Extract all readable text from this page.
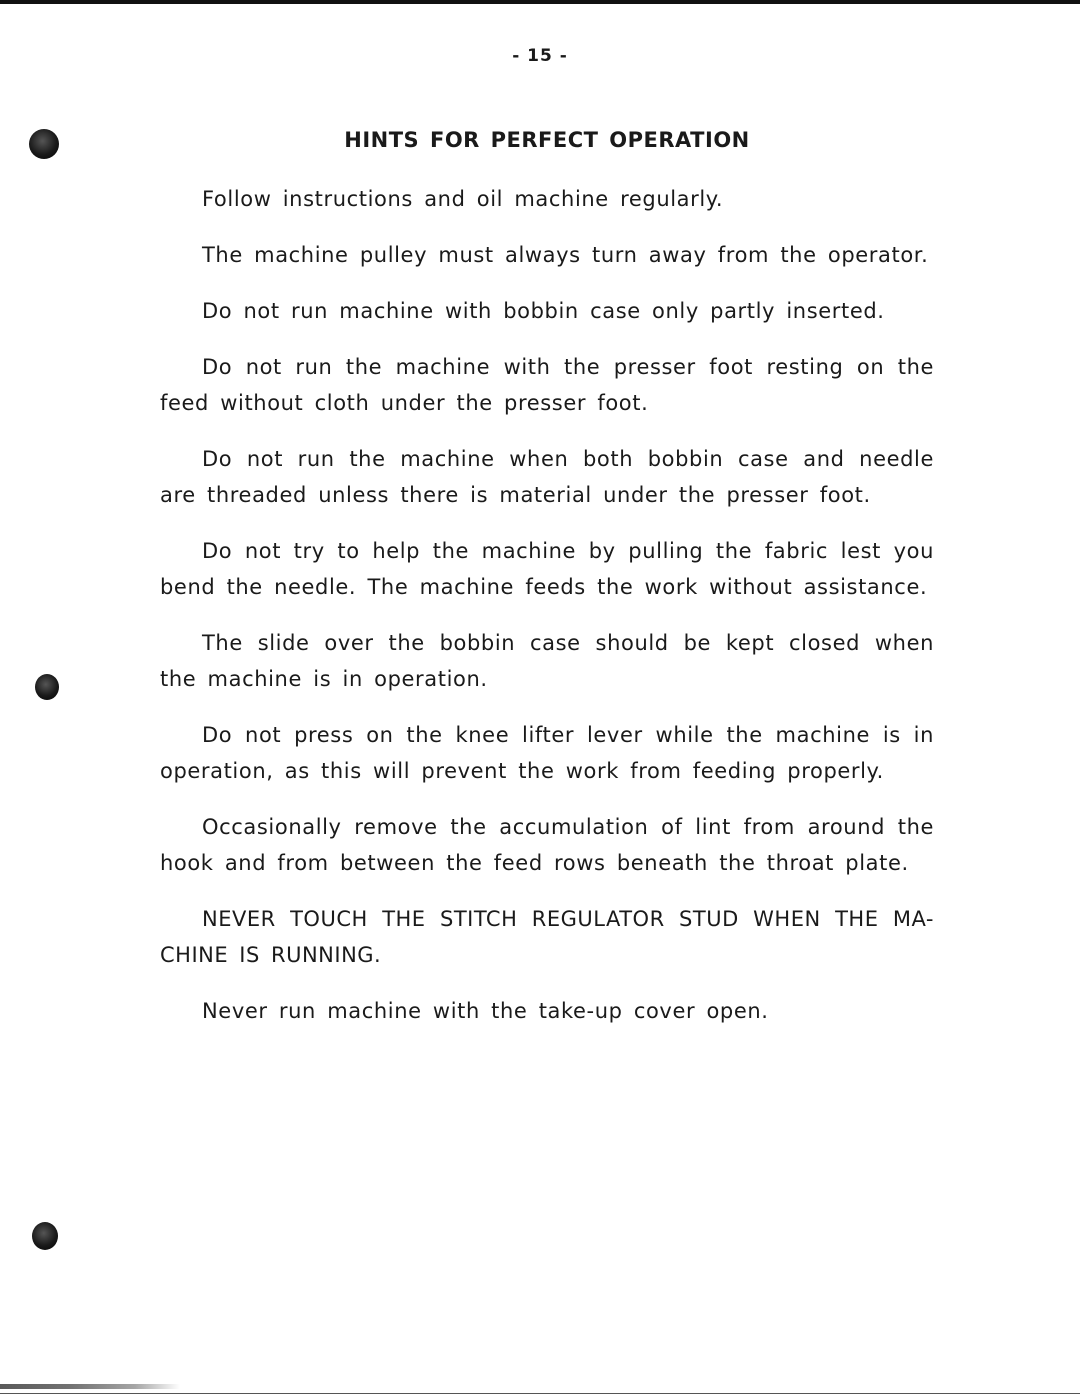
- 15 -
HINTS FOR PERFECT OPERATION

Follow instructions and oil machine regularly.

The machine pulley must always turn away from the operator.

Do not run machine with bobbin case only partly inserted.

Do not run the machine with the presser foot resting on the feed without cloth under the presser foot.

Do not run the machine when both bobbin case and needle are threaded unless there is material under the presser foot.

Do not try to help the machine by pulling the fabric lest you bend the needle. The machine feeds the work without assistance.

The slide over the bobbin case should be kept closed when the machine is in operation.

Do not press on the knee lifter lever while the machine is in operation, as this will prevent the work from feeding properly.

Occasionally remove the accumulation of lint from around the hook and from between the feed rows beneath the throat plate.

NEVER TOUCH THE STITCH REGULATOR STUD WHEN THE MA- CHINE IS RUNNING.

Never run machine with the take-up cover open.
